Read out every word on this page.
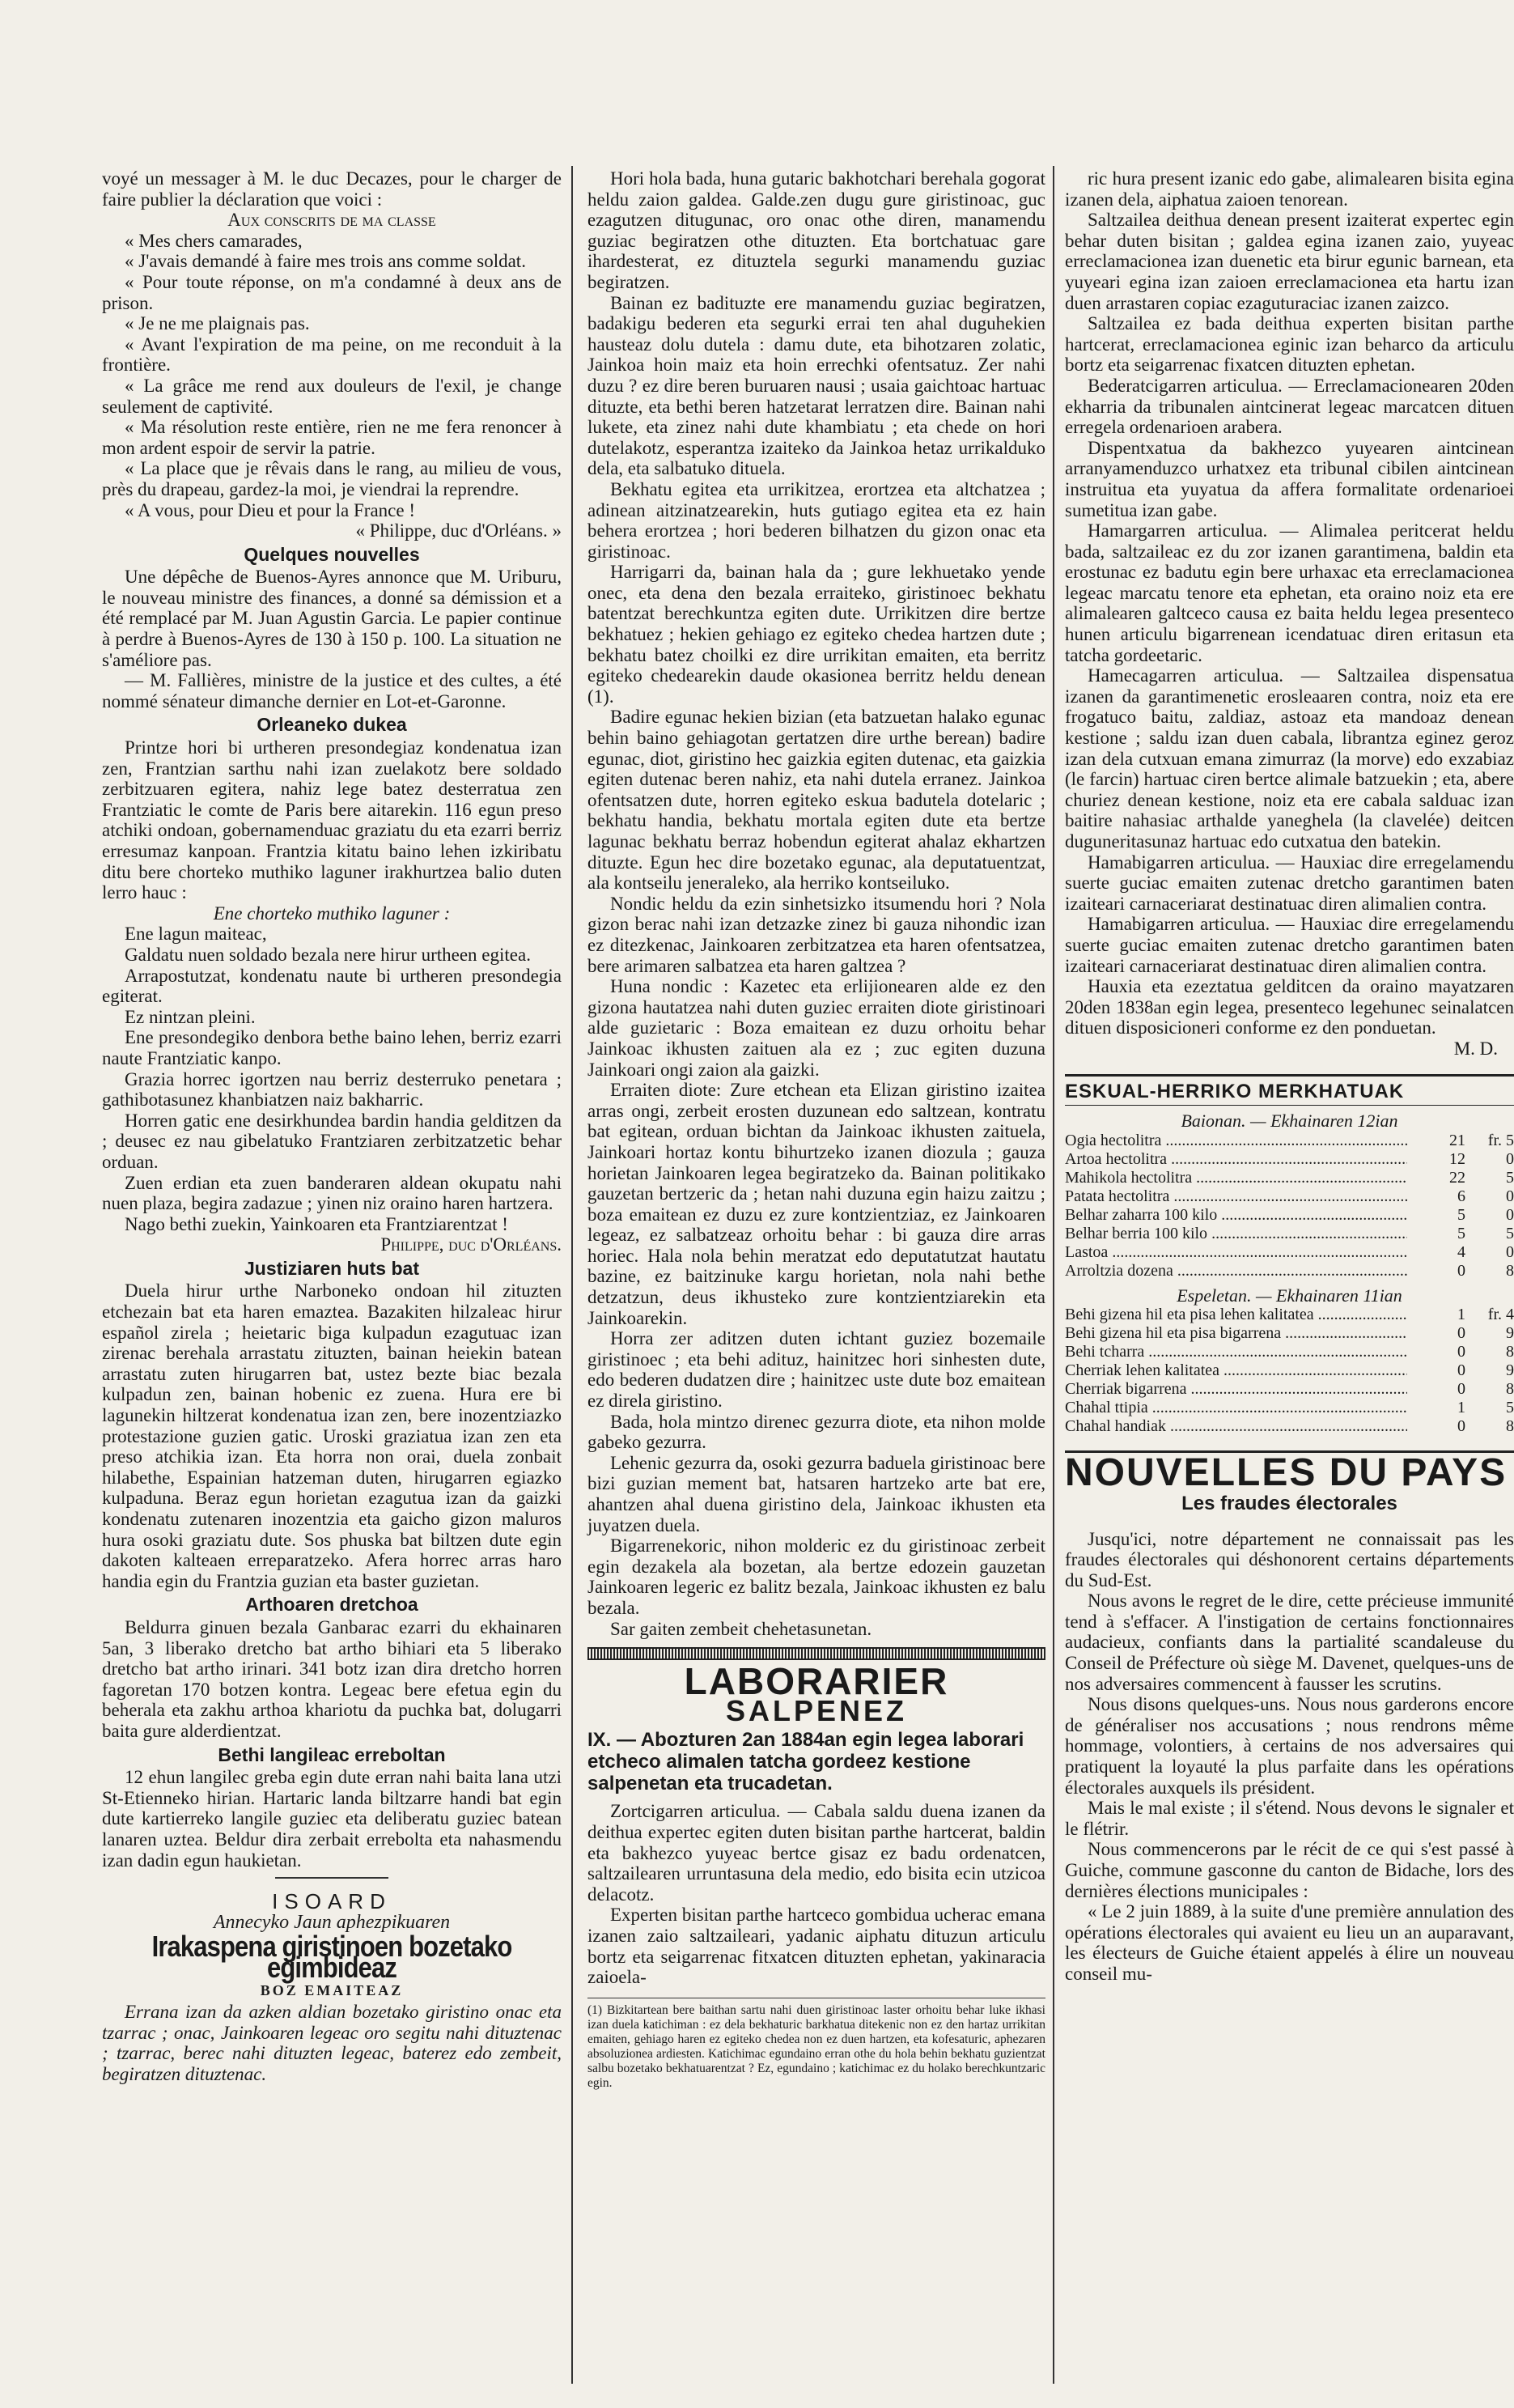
voyé un messager à M. le duc Decazes, pour le charger de faire publier la déclaration que voici :

Aux conscrits de ma classe

« Mes chers camarades,

« J'avais demandé à faire mes trois ans comme soldat.

« Pour toute réponse, on m'a condamné à deux ans de prison.

« Je ne me plaignais pas.

« Avant l'expiration de ma peine, on me reconduit à la frontière.

« La grâce me rend aux douleurs de l'exil, je change seulement de captivité.

« Ma résolution reste entière, rien ne me fera renoncer à mon ardent espoir de servir la patrie.

« La place que je rêvais dans le rang, au milieu de vous, près du drapeau, gardez-la moi, je viendrai la reprendre.

« A vous, pour Dieu et pour la France !

« Philippe, duc d'Orléans. »

Quelques nouvelles

Une dépêche de Buenos-Ayres annonce que M. Uriburu, le nouveau ministre des finances, a donné sa démission et a été remplacé par M. Juan Agustin Garcia. Le papier continue à perdre à Buenos-Ayres de 130 à 150 p. 100. La situation ne s'améliore pas.

— M. Fallières, ministre de la justice et des cultes, a été nommé sénateur dimanche dernier en Lot-et-Garonne.

Orleaneko dukea

Printze hori bi urtheren presondegiaz kondenatua izan zen, Frantzian sarthu nahi izan zuelakotz bere soldado zerbitzuaren egitera, nahiz lege batez desterratua zen Frantziatic le comte de Paris bere aitarekin. 116 egun preso atchiki ondoan, gobernamenduac graziatu du eta ezarri berriz erresumaz kanpoan. Frantzia kitatu baino lehen izkiribatu ditu bere chorteko muthiko laguner irakhurtzea balio duten lerro hauc :

Ene chorteko muthiko laguner :

Ene lagun maiteac,

Galdatu nuen soldado bezala nere hirur urtheen egitea.

Arrapostutzat, kondenatu naute bi urtheren presondegia egiterat.

Ez nintzan pleini.

Ene presondegiko denbora bethe baino lehen, berriz ezarri naute Frantziatic kanpo.

Grazia horrec igortzen nau berriz desterruko penetara ; gathibotasunez khanbiatzen naiz bakharric.

Horren gatic ene desirkhundea bardin handia gelditzen da ; deusec ez nau gibelatuko Frantziaren zerbitzatzetic behar orduan.

Zuen erdian eta zuen banderaren aldean okupatu nahi nuen plaza, begira zadazue ; yinen niz oraino haren hartzera.

Nago bethi zuekin, Yainkoaren eta Frantziarentzat !

Philippe, duc d'Orléans.

Justiziaren huts bat

Duela hirur urthe Narboneko ondoan hil zituzten etchezain bat eta haren emaztea. Bazakiten hilzaleac hirur español zirela ; heietaric biga kulpadun ezagutuac izan zirenac berehala arrastatu zituzten, bainan heiekin batean arrastatu zuten hirugarren bat, ustez bezte biac bezala kulpadun zen, bainan hobenic ez zuena. Hura ere bi lagunekin hiltzerat kondenatua izan zen, bere inozentziazko protestazione guzien gatic. Uroski graziatua izan zen eta preso atchikia izan. Eta horra non orai, duela zonbait hilabethe, Espainian hatzeman duten, hirugarren egiazko kulpaduna. Beraz egun horietan ezagutua izan da gaizki kondenatu zutenaren inozentzia eta gaicho gizon maluros hura osoki graziatu dute. Sos phuska bat biltzen dute egin dakoten kalteaen erreparatzeko. Afera horrec arras haro handia egin du Frantzia guzian eta baster guzietan.

Arthoaren dretchoa

Beldurra ginuen bezala Ganbarac ezarri du ekhainaren 5an, 3 liberako dretcho bat artho bihiari eta 5 liberako dretcho bat artho irinari. 341 botz izan dira dretcho horren fagoretan 170 botzen kontra. Legeac bere efetua egin du beherala eta zakhu arthoa khariotu da puchka bat, dolugarri baita gure alderdientzat.

Bethi langileac erreboltan

12 ehun langilec greba egin dute erran nahi baita lana utzi St-Etienneko hirian. Hartaric landa biltzarre handi bat egin dute kartierreko langile guziec eta deliberatu guziec batean lanaren uztea. Beldur dira zerbait errebolta eta nahasmendu izan dadin egun haukietan.

ISOARD
Annecyko Jaun aphezpikuaren
Irakaspena giristinoen bozetako egimbideaz
BOZ EMAITEAZ

Errana izan da azken aldian bozetako giristino onac eta tzarrac ; onac, Jainkoaren legeac oro segitu nahi dituztenac ; tzarrac, berec nahi dituzten legeac, baterez edo zembeit, begiratzen dituztenac.

Hori hola bada, huna gutaric bakhotchari berehala gogorat heldu zaion galdea. Galde.zen dugu gure giristinoac, guc ezagutzen ditugunac, oro onac othe diren, manamendu guziac begiratzen othe dituzten. Eta bortchatuac gare ihardesterat, ez dituztela segurki manamendu guziac begiratzen.

Bainan ez badituzte ere manamendu guziac begiratzen, badakigu bederen eta segurki errai ten ahal duguhekien hausteaz dolu dutela : damu dute, eta bihotzaren zolatic, Jainkoa hoin maiz eta hoin errechki ofentsatuz. Zer nahi duzu ? ez dire beren buruaren nausi ; usaia gaichtoac hartuac dituzte, eta bethi beren hatzetarat lerratzen dire. Bainan nahi lukete, eta zinez nahi dute khambiatu ; eta chede on hori dutelakotz, esperantza izaiteko da Jainkoa hetaz urrikalduko dela, eta salbatuko dituela.

Bekhatu egitea eta urrikitzea, erortzea eta altchatzea ; adinean aitzinatzearekin, huts gutiago egitea eta ez hain behera erortzea ; hori bederen bilhatzen du gizon onac eta giristinoac.

Harrigarri da, bainan hala da ; gure lekhuetako yende onec, eta dena den bezala erraiteko, giristinoec bekhatu batentzat berechkuntza egiten dute. Urrikitzen dire bertze bekhatuez ; hekien gehiago ez egiteko chedea hartzen dute ; bekhatu batez choilki ez dire urrikitan emaiten, eta berritz egiteko chedearekin daude okasionea berritz heldu denean (1).

Badire egunac hekien bizian (eta batzuetan halako egunac behin baino gehiagotan gertatzen dire urthe berean) badire egunac, diot, giristino hec gaizkia egiten dutenac, eta gaizkia egiten dutenac beren nahiz, eta nahi dutela erranez. Jainkoa ofentsatzen dute, horren egiteko eskua badutela dotelaric ; bekhatu handia, bekhatu mortala egiten dute eta bertze lagunac bekhatu berraz hobendun egiterat ahalaz ekhartzen dituzte. Egun hec dire bozetako egunac, ala deputatuentzat, ala kontseilu jeneraleko, ala herriko kontseiluko.

Nondic heldu da ezin sinhetsizko itsumendu hori ? Nola gizon berac nahi izan detzazke zinez bi gauza nihondic izan ez ditezkenac, Jainkoaren zerbitzatzea eta haren ofentsatzea, bere arimaren salbatzea eta haren galtzea ?

Huna nondic : Kazetec eta erlijionearen alde ez den gizona hautatzea nahi duten guziec erraiten diote giristinoari alde guzietaric : Boza emaitean ez duzu orhoitu behar Jainkoac ikhusten zaituen ala ez ; zuc egiten duzuna Jainkoari ongi zaion ala gaizki.

Erraiten diote: Zure etchean eta Elizan giristino izaitea arras ongi, zerbeit erosten duzunean edo saltzean, kontratu bat egitean, orduan bichtan da Jainkoac ikhusten zaituela, Jainkoari hortaz kontu bihurtzeko izanen diozula ; gauza horietan Jainkoaren legea begiratzeko da. Bainan politikako gauzetan bertzeric da ; hetan nahi duzuna egin haizu zaitzu ; boza emaitean ez duzu ez zure kontzientziaz, ez Jainkoaren legeaz, ez salbatzeaz orhoitu behar : bi gauza dire arras horiec. Hala nola behin meratzat edo deputatutzat hautatu bazine, ez baitzinuke kargu horietan, nola nahi bethe detzatzun, deus ikhusteko zure kontzientziarekin eta Jainkoarekin.

Horra zer aditzen duten ichtant guziez bozemaile giristinoec ; eta behi adituz, hainitzec hori sinhesten dute, edo bederen dudatzen dire ; hainitzec uste dute boz emaitean ez direla giristino.

Bada, hola mintzo direnec gezurra diote, eta nihon molde gabeko gezurra.

Lehenic gezurra da, osoki gezurra baduela giristinoac bere bizi guzian mement bat, hatsaren hartzeko arte bat ere, ahantzen ahal duena giristino dela, Jainkoac ikhusten eta juyatzen duela.

Bigarrenekoric, nihon molderic ez du giristinoac zerbeit egin dezakela ala bozetan, ala bertze edozein gauzetan Jainkoaren legeric ez balitz bezala, Jainkoac ikhusten ez balu bezala.

Sar gaiten zembeit chehetasunetan.

LABORARIER
SALPENEZ
IX. — Abozturen 2an 1884an egin legea laborari etcheco alimalen tatcha gordeez kestione salpenetan eta trucadetan.

Zortcigarren articulua. — Cabala saldu duena izanen da deithua expertec egiten duten bisitan parthe hartcerat, baldin eta bakhezco yuyeac bertce gisaz ez badu ordenatcen, saltzailearen urruntasuna dela medio, edo bisita ecin utzicoa delacotz.

Experten bisitan parthe hartceco gombidua ucherac emana izanen zaio saltzaileari, yadanic aiphatu dituzun articulu bortz eta seigarrenac fitxatcen dituzten ephetan, yakinaracia zaioela-

(1) Bizkitartean bere baithan sartu nahi duen giristinoac laster orhoitu behar luke ikhasi izan duela katichiman : ez dela bekhaturic barkhatua ditekenic non ez den hartaz urrikitan emaiten, gehiago haren ez egiteko chedea non ez duen hartzen, eta kofesaturic, aphezaren absoluzionea ardiesten. Katichimac egundaino erran othe du hola behin bekhatu guzientzat salbu bozetako bekhatuarentzat ? Ez, egundaino ; katichimac ez du holako berechkuntzaric egin.

ric hura present izanic edo gabe, alimalearen bisita egina izanen dela, aiphatua zaioen tenorean.

Saltzailea deithua denean present izaiterat expertec egin behar duten bisitan ; galdea egina izanen zaio, yuyeac erreclamacionea izan duenetic eta birur egunic barnean, eta yuyeari egina izan zaioen erreclamacionea eta hartu izan duen arrastaren copiac ezaguturaciac izanen zaizco.

Saltzailea ez bada deithua experten bisitan parthe hartcerat, erreclamacionea eginic izan beharco da articulu bortz eta seigarrenac fixatcen dituzten ephetan.

Bederatcigarren articulua. — Erreclamacionearen 20den ekharria da tribunalen aintcinerat legeac marcatcen dituen erregela ordenarioen arabera.

Dispentxatua da bakhezco yuyearen aintcinean arranyamenduzco urhatxez eta tribunal cibilen aintcinean instruitua eta yuyatua da affera formalitate ordenarioei sumetitua izan gabe.

Hamargarren articulua. — Alimalea peritcerat heldu bada, saltzaileac ez du zor izanen garantimena, baldin eta erostunac ez badutu egin bere urhaxac eta erreclamacionea legeac marcatu tenore eta ephetan, eta oraino noiz eta ere alimalearen galtceco causa ez baita heldu legea presenteco hunen articulu bigarrenean icendatuac diren eritasun eta tatcha gordeetaric.

Hamecagarren articulua. — Saltzailea dispensatua izanen da garantimenetic erosleaaren contra, noiz eta ere frogatuco baitu, zaldiaz, astoaz eta mandoaz denean kestione ; saldu izan duen cabala, librantza eginez geroz izan dela cutxuan emana zimurraz (la morve) edo exzabiaz (le farcin) hartuac ciren bertce alimale batzuekin ; eta, abere churiez denean kestione, noiz eta ere cabala salduac izan baitire nahasiac arthalde yaneghela (la clavelée) deitcen duguneritasunaz hartuac edo cutxatua den batekin.

Hamabigarren articulua. — Hauxiac dire erregelamendu suerte guciac emaiten zutenac dretcho garantimen baten izaiteari carnaceriarat destinatuac diren alimalien contra.

Hamabigarren articulua. — Hauxiac dire erregelamendu suerte guciac emaiten zutenac dretcho garantimen baten izaiteari carnaceriarat destinatuac diren alimalien contra.

Hauxia eta ezeztatua gelditcen da oraino mayatzaren 20den 1838an egin legea, presenteco legehunec seinalatcen dituen disposicioneri conforme ez den ponduetan.

M. D.

ESKUAL-HERRIKO MERKHATUAK
Baionan. — Ekhainaren 12ian
Ogia hectolitra .....	21	fr. 5
Artoa hectolitra .....	12	0
Mahikola hectolitra .....	22	5
Patata hectolitra .....	6	0
Belhar zaharra 100 kilo .....	5	0
Belhar berria 100 kilo .....	5	5
Lastoa .....	4	0
Arroltzia dozena .....	0	8
Espeletan. — Ekhainaren 11ian
Behi gizena hil eta pisa lehen kalitatea .....	1	fr. 4
Behi gizena hil eta pisa bigarrena .....	0	9
Behi tcharra .....	0	8
Cherriak lehen kalitatea .....	0	9
Cherriak bigarrena .....	0	8
Chahal ttipia .....	1	5
Chahal handiak .....	0	8
NOUVELLES DU PAYS
Les fraudes électorales

Jusqu'ici, notre département ne connaissait pas les fraudes électorales qui déshonorent certains départements du Sud-Est.

Nous avons le regret de le dire, cette précieuse immunité tend à s'effacer. A l'instigation de certains fonctionnaires audacieux, confiants dans la partialité scandaleuse du Conseil de Préfecture où siège M. Davenet, quelques-uns de nos adversaires commencent à fausser les scrutins.

Nous disons quelques-uns. Nous nous garderons encore de généraliser nos accusations ; nous rendrons même hommage, volontiers, à certains de nos adversaires qui pratiquent la loyauté la plus parfaite dans les opérations électorales auxquels ils président.

Mais le mal existe ; il s'étend. Nous devons le signaler et le flétrir.

Nous commencerons par le récit de ce qui s'est passé à Guiche, commune gasconne du canton de Bidache, lors des dernières élections municipales :

« Le 2 juin 1889, à la suite d'une première annulation des opérations électorales qui avaient eu lieu un an auparavant, les électeurs de Guiche étaient appelés à élire un nouveau conseil mu-
